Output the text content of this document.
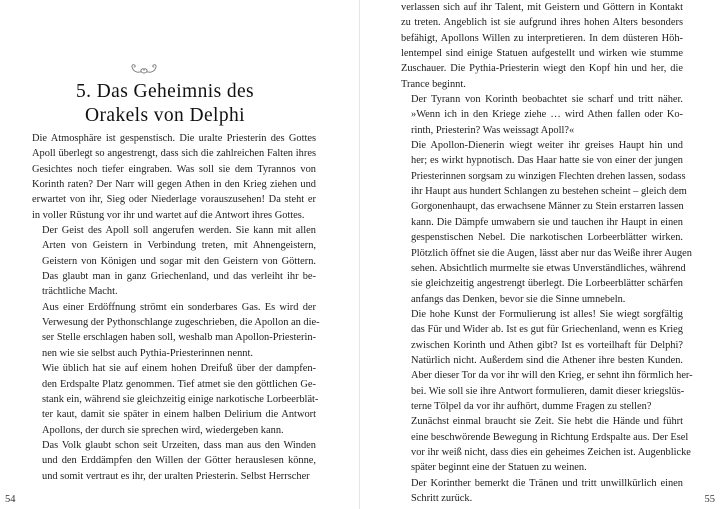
5. Das Geheimnis des
Orakels von Delphi

Die Atmosphäre ist gespenstisch. Die uralte Priesterin des Gottes
Apoll überlegt so angestrengt, dass sich die zahlreichen Falten ihres
Gesichtes noch tiefer eingraben. Was soll sie dem Tyrannos von
Korinth raten? Der Narr will gegen Athen in den Krieg ziehen und
erwartet von ihr, Sieg oder Niederlage vorauszusehen! Da steht er
in voller Rüstung vor ihr und wartet auf die Antwort ihres Gottes.

Der Geist des Apoll soll angerufen werden. Sie kann mit allen
Arten von Geistern in Verbindung treten, mit Ahnengeistern,
Geistern von Königen und sogar mit den Geistern von Göttern.
Das glaubt man in ganz Griechenland, und das verleiht ihr be-
trächtliche Macht.

Aus einer Erdöffnung strömt ein sonderbares Gas. Es wird der
Verwesung der Pythonschlange zugeschrieben, die Apollon an die-
ser Stelle erschlagen haben soll, weshalb man Apollon-Priesterin-
nen wie sie selbst auch Pythia-Priesterinnen nennt.

Wie üblich hat sie auf einem hohen Dreifuß über der dampfen-
den Erdspalte Platz genommen. Tief atmet sie den göttlichen Ge-
stank ein, während sie gleichzeitig einige narkotische Lorbeerblät-
ter kaut, damit sie später in einem halben Delirium die Antwort
Apollons, der durch sie sprechen wird, wiedergeben kann.

Das Volk glaubt schon seit Urzeiten, dass man aus den Winden
und den Erddämpfen den Willen der Götter herauslesen könne,
und somit vertraut es ihr, der uralten Priesterin. Selbst Herrscher

54

verlassen sich auf ihr Talent, mit Geistern und Göttern in Kontakt
zu treten. Angeblich ist sie aufgrund ihres hohen Alters besonders
befähigt, Apollons Willen zu interpretieren. In dem düsteren Höh-
lentempel sind einige Statuen aufgestellt und wirken wie stumme
Zuschauer. Die Pythia-Priesterin wiegt den Kopf hin und her, die
Trance beginnt.

Der Tyrann von Korinth beobachtet sie scharf und tritt näher.
»Wenn ich in den Kriege ziehe … wird Athen fallen oder Ko-
rinth, Priesterin? Was weissagt Apoll?«

Die Apollon-Dienerin wiegt weiter ihr greises Haupt hin und
her; es wirkt hypnotisch. Das Haar hatte sie von einer der jungen
Priesterinnen sorgsam zu winzigen Flechten drehen lassen, sodass
ihr Haupt aus hundert Schlangen zu bestehen scheint – gleich dem
Gorgonenhaupt, das erwachsene Männer zu Stein erstarren lassen
kann. Die Dämpfe umwabern sie und tauchen ihr Haupt in einen
gespenstischen Nebel. Die narkotischen Lorbeerblätter wirken.
Plötzlich öffnet sie die Augen, lässt aber nur das Weiße ihrer Augen
sehen. Absichtlich murmelte sie etwas Unverständliches, während
sie gleichzeitig angestrengt überlegt. Die Lorbeerblätter schärfen
anfangs das Denken, bevor sie die Sinne umnebeln.

Die hohe Kunst der Formulierung ist alles! Sie wiegt sorgfältig
das Für und Wider ab. Ist es gut für Griechenland, wenn es Krieg
zwischen Korinth und Athen gibt? Ist es vorteilhaft für Delphi?
Natürlich nicht. Außerdem sind die Athener ihre besten Kunden.
Aber dieser Tor da vor ihr will den Krieg, er sehnt ihn förmlich her-
bei. Wie soll sie ihre Antwort formulieren, damit dieser kriegslüs-
terne Tölpel da vor ihr aufhört, dumme Fragen zu stellen?

Zunächst einmal braucht sie Zeit. Sie hebt die Hände und führt
eine beschwörende Bewegung in Richtung Erdspalte aus. Der Esel
vor ihr weiß nicht, dass dies ein geheimes Zeichen ist. Augenblicke
später beginnt eine der Statuen zu weinen.

Der Korinther bemerkt die Tränen und tritt unwillkürlich einen
Schritt zurück.	55
